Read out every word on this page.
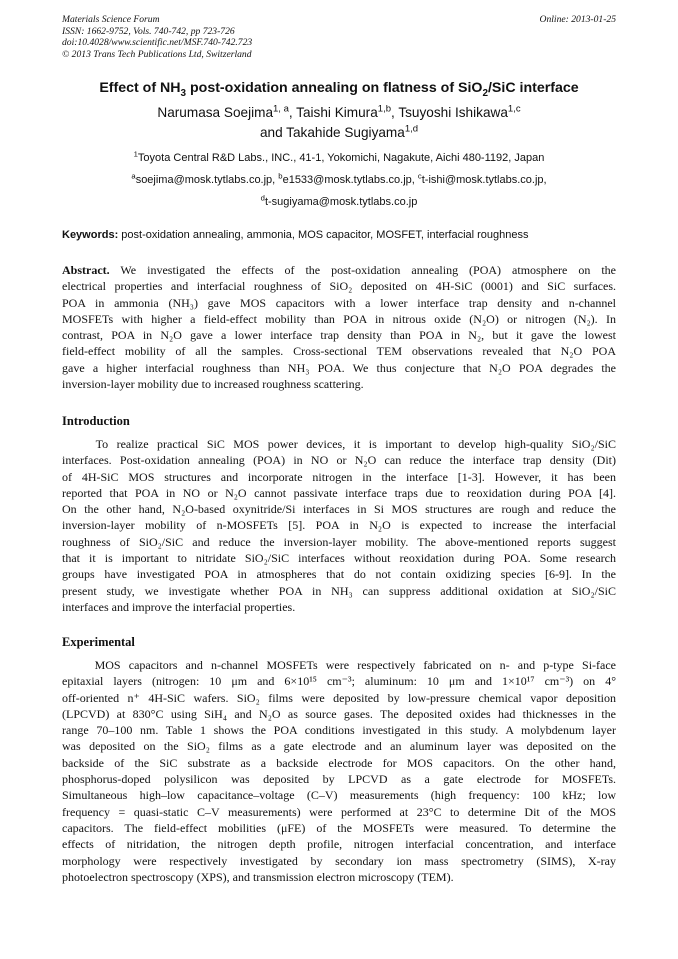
Materials Science Forum
ISSN: 1662-9752, Vols. 740-742, pp 723-726
doi:10.4028/www.scientific.net/MSF.740-742.723
© 2013 Trans Tech Publications Ltd, Switzerland
Online: 2013-01-25
Effect of $NH_3$ post-oxidation annealing on flatness of SiO$_2$/SiC interface
Narumasa Soejima$^{1, a}$, Taishi Kimura$^{1,b}$, Tsuyoshi Ishikawa$^{1,c}$
and Takahide Sugiyama$^{1,d}$
$^1$Toyota Central R&D Labs., INC., 41-1, Yokomichi, Nagakute, Aichi 480-1192, Japan
$^a$soejima@mosk.tytlabs.co.jp, $^b$e1533@mosk.tytlabs.co.jp, $^c$t-ishi@mosk.tytlabs.co.jp,
$^d$t-sugiyama@mosk.tytlabs.co.jp
Keywords: post-oxidation annealing, ammonia, MOS capacitor, MOSFET, interfacial roughness
Abstract. We investigated the effects of the post-oxidation annealing (POA) atmosphere on the
electrical properties and interfacial roughness of SiO₂ deposited on 4H-SiC (0001) and SiC surfaces.
POA in ammonia (NH₃) gave MOS capacitors with a lower interface trap density and n-channel
MOSFETs with higher a field-effect mobility than POA in nitrous oxide (N₂O) or nitrogen (N₂). In
contrast, POA in N₂O gave a lower interface trap density than POA in N₂, but it gave the lowest
field-effect mobility of all the samples. Cross-sectional TEM observations revealed that N₂O POA
gave a higher interfacial roughness than NH₃ POA. We thus conjecture that N₂O POA degrades the
inversion-layer mobility due to increased roughness scattering.
Introduction
To realize practical SiC MOS power devices, it is important to develop high-quality SiO₂/SiC
interfaces. Post-oxidation annealing (POA) in NO or N₂O can reduce the interface trap density (Dit)
of 4H-SiC MOS structures and incorporate nitrogen in the interface [1-3]. However, it has been
reported that POA in NO or N₂O cannot passivate interface traps due to reoxidation during POA [4].
On the other hand, N₂O-based oxynitride/Si interfaces in Si MOS structures are rough and reduce the
inversion-layer mobility of n-MOSFETs [5]. POA in N₂O is expected to increase the interfacial
roughness of SiO₂/SiC and reduce the inversion-layer mobility. The above-mentioned reports suggest
that it is important to nitridate SiO₂/SiC interfaces without reoxidation during POA. Some research
groups have investigated POA in atmospheres that do not contain oxidizing species [6-9]. In the
present study, we investigate whether POA in NH₃ can suppress additional oxidation at SiO₂/SiC
interfaces and improve the interfacial properties.
Experimental
MOS capacitors and n-channel MOSFETs were respectively fabricated on n- and p-type Si-face
epitaxial layers (nitrogen: 10 μm and 6×10¹⁵ cm⁻³; aluminum: 10 μm and 1×10¹⁷ cm⁻³) on 4°
off-oriented n⁺ 4H-SiC wafers. SiO₂ films were deposited by low-pressure chemical vapor deposition
(LPCVD) at 830°C using SiH₄ and N₂O as source gases. The deposited oxides had thicknesses in the
range 70–100 nm. Table 1 shows the POA conditions investigated in this study. A molybdenum layer
was deposited on the SiO₂ films as a gate electrode and an aluminum layer was deposited on the
backside of the SiC substrate as a backside electrode for MOS capacitors. On the other hand,
phosphorus-doped polysilicon was deposited by LPCVD as a gate electrode for MOSFETs.
Simultaneous high–low capacitance–voltage (C–V) measurements (high frequency: 100 kHz; low
frequency = quasi-static C–V measurements) were performed at 23°C to determine Dit of the MOS
capacitors. The field-effect mobilities (μFE) of the MOSFETs were measured. To determine the
effects of nitridation, the nitrogen depth profile, nitrogen interfacial concentration, and interface
morphology were respectively investigated by secondary ion mass spectrometry (SIMS), X-ray
photoelectron spectroscopy (XPS), and transmission electron microscopy (TEM).
